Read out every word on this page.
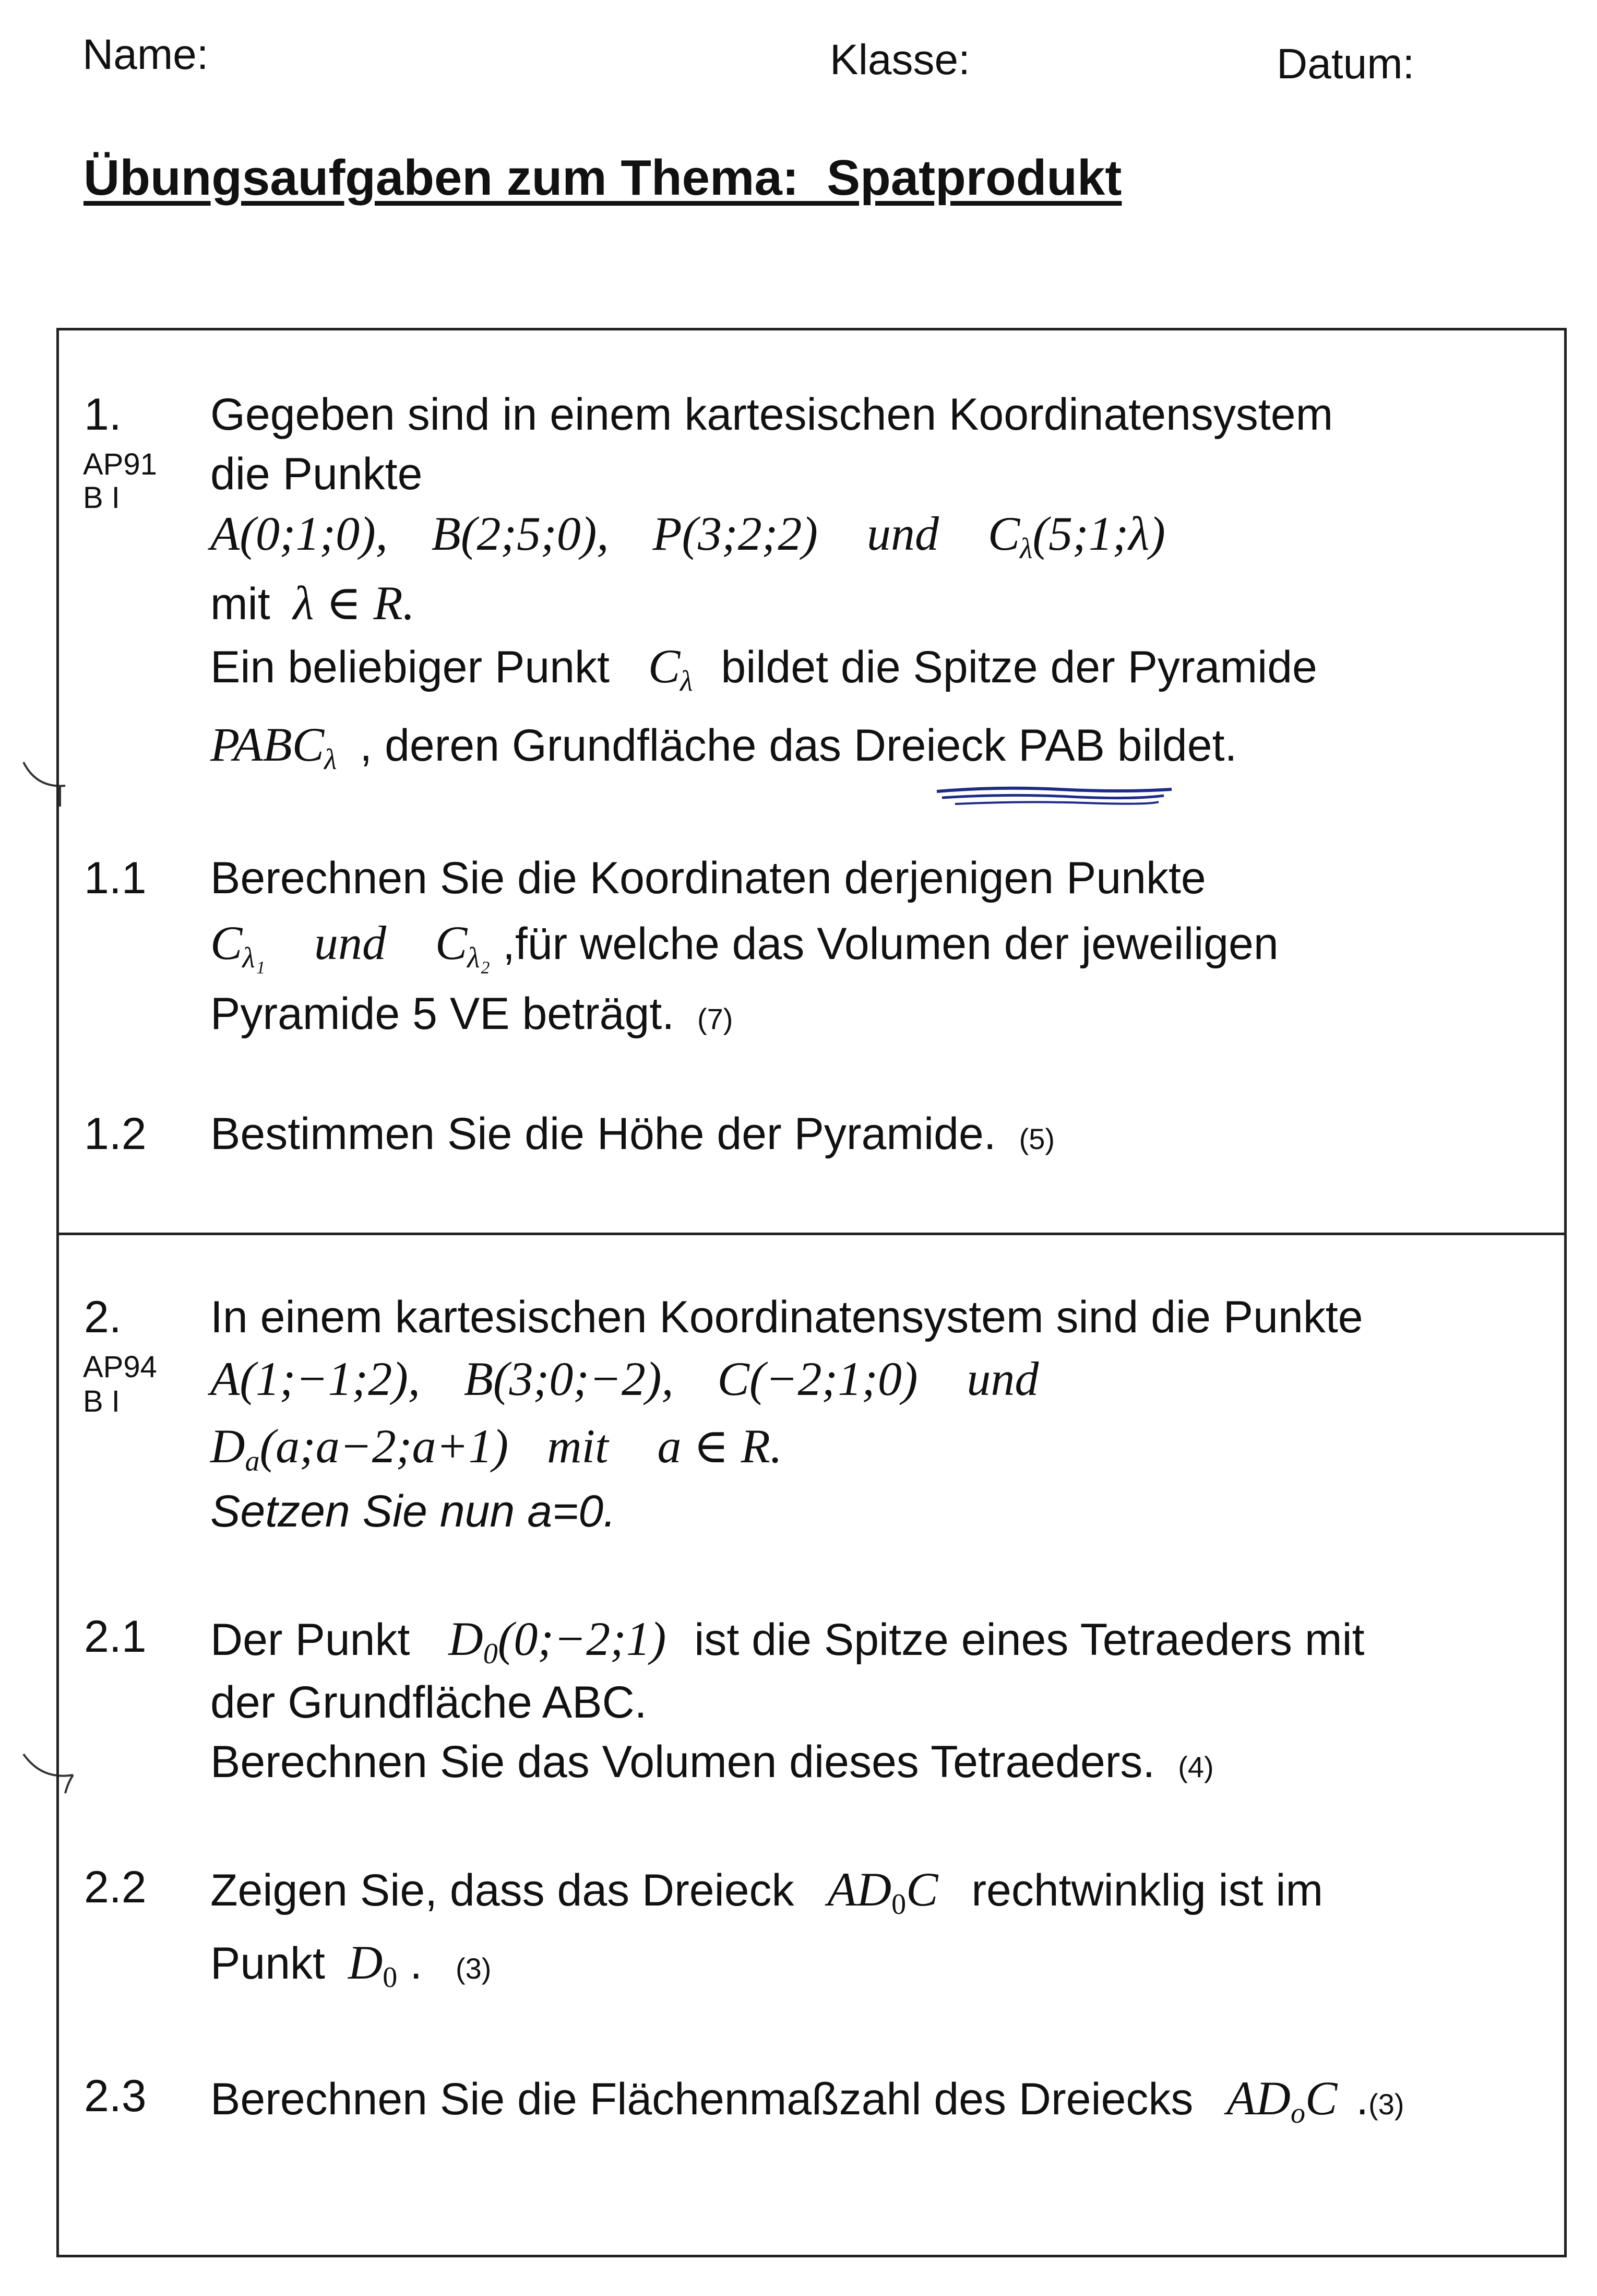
Name:	Klasse:	Datum:
Übungsaufgaben zum Thema:  Spatprodukt
1.
AP91
B I
Gegeben sind in einem kartesischen Koordinatensystem
die Punkte
A(0;1;0), B(2;5;0), P(3;2;2) und $C_\lambda(5;1;\lambda)$
mit λ ∈ R.
Ein beliebiger Punkt $C_\lambda$ bildet die Spitze der Pyramide
$PABC_\lambda$ , deren Grundfläche das Dreieck PAB bildet.
1.1 Berechnen Sie die Koordinaten derjenigen Punkte
$C_{\lambda_1}$ und $C_{\lambda_2}$ ,für welche das Volumen der jeweiligen
Pyramide 5 VE beträgt. (7)
1.2 Bestimmen Sie die Höhe der Pyramide. (5)
2.
AP94
B I
In einem kartesischen Koordinatensystem sind die Punkte
A(1;−1;2), B(3;0;−2), C(−2;1;0) und
$D_a(a;a-2;a+1)$ mit a ∈ R.
Setzen Sie nun a=0.
2.1 Der Punkt $D_0(0;-2;1)$ ist die Spitze eines Tetraeders mit
der Grundfläche ABC.
Berechnen Sie das Volumen dieses Tetraeders. (4)
2.2 Zeigen Sie, dass das Dreieck $AD_0C$ rechtwinklig ist im
Punkt $D_0$ . (3)
2.3 Berechnen Sie die Flächenmaßzahl des Dreiecks $AD_oC$ .(3)
